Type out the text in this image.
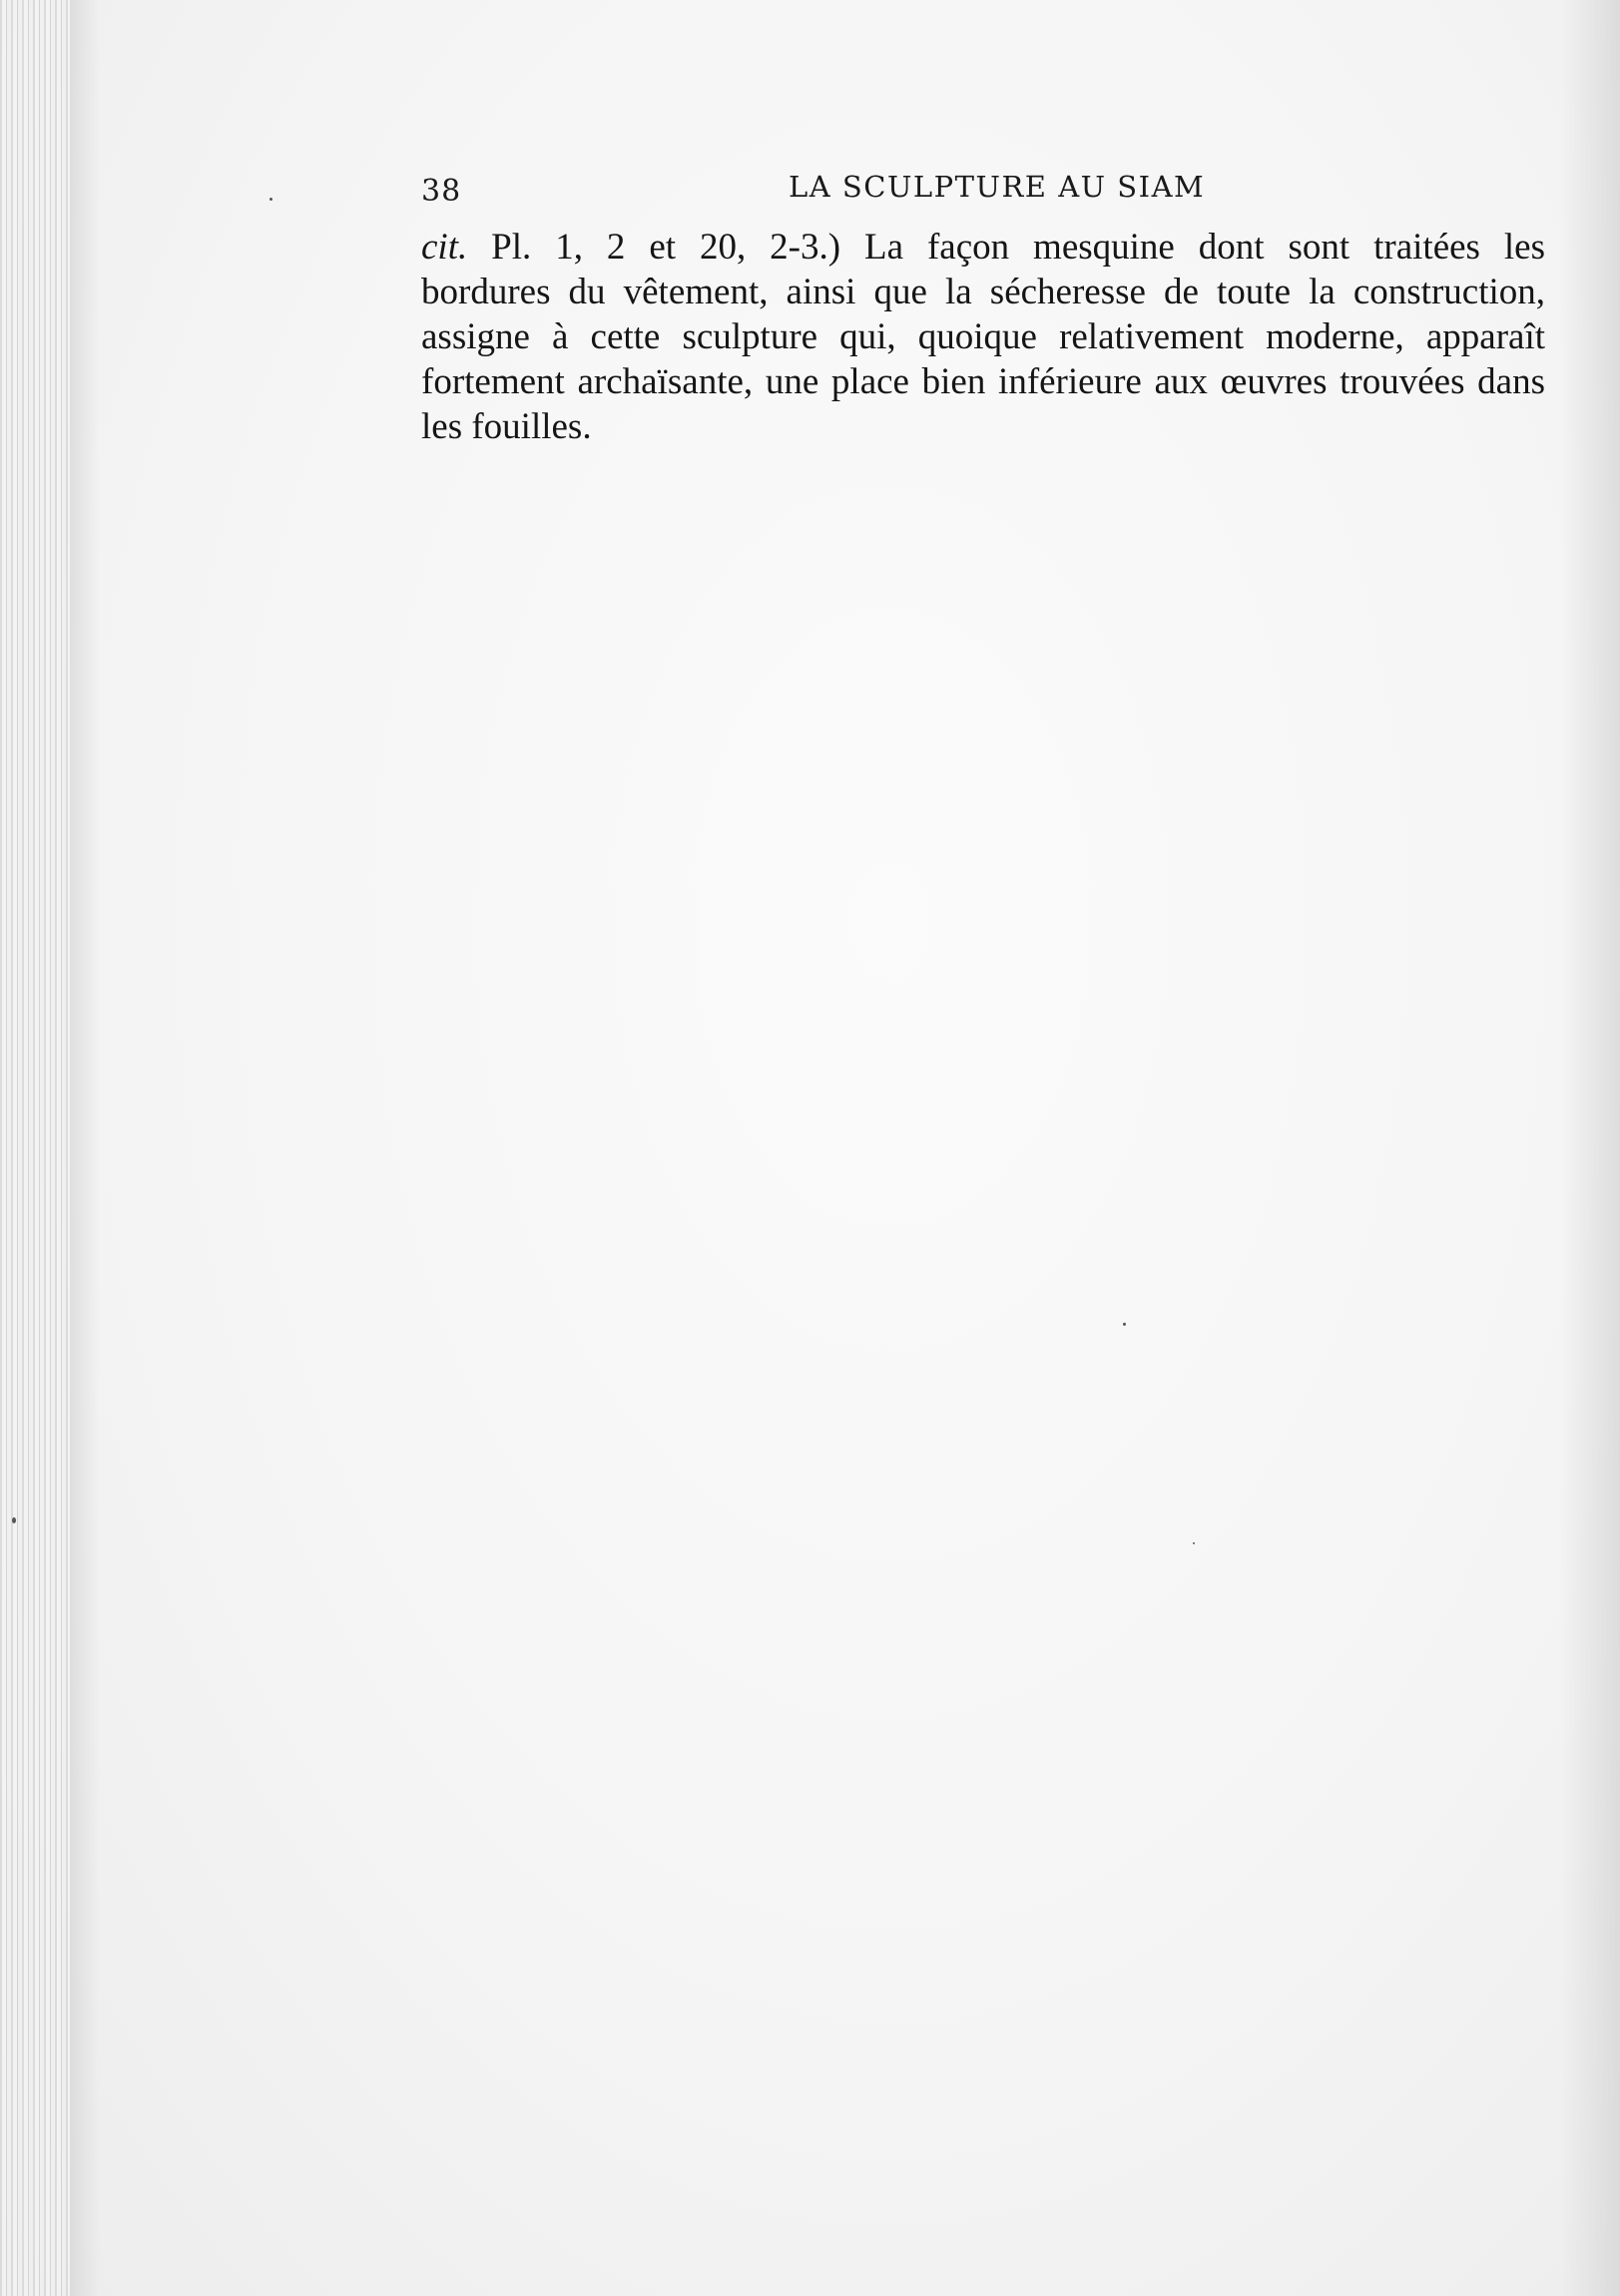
38	LA SCULPTURE AU SIAM

cit. Pl. 1, 2 et 20, 2-3.) La façon mesquine dont sont traitées les
bordures du vêtement, ainsi que la sécheresse de toute la construction,
assigne à cette sculpture qui, quoique relativement moderne, apparaît
fortement archaïsante, une place bien inférieure aux œuvres trouvées dans
les fouilles.
